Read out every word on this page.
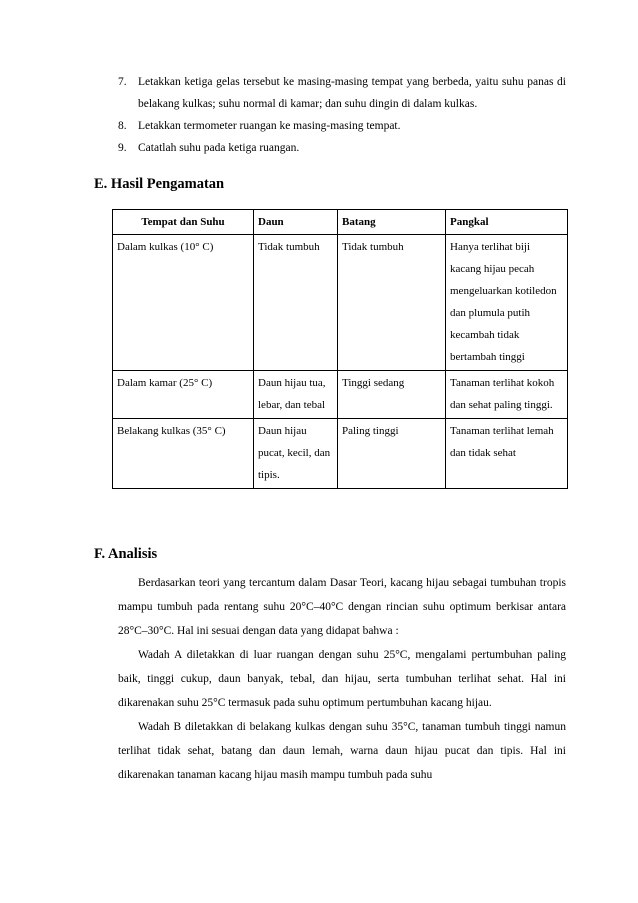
7. Letakkan ketiga gelas tersebut ke masing-masing tempat yang berbeda, yaitu suhu panas di belakang kulkas; suhu normal di kamar; dan suhu dingin di dalam kulkas.
8. Letakkan termometer ruangan ke masing-masing tempat.
9. Catatlah suhu pada ketiga ruangan.
E. Hasil Pengamatan
Tempat dan Suhu	Daun	Batang	Pangkal
Dalam kulkas (10° C)	Tidak tumbuh	Tidak tumbuh	Hanya terlihat biji kacang hijau pecah mengeluarkan kotiledon dan plumula putih kecambah tidak bertambah tinggi
Dalam kamar (25° C)	Daun hijau tua, lebar, dan tebal	Tinggi sedang	Tanaman terlihat kokoh dan sehat paling tinggi.
Belakang kulkas (35° C)	Daun hijau pucat, kecil, dan tipis.	Paling tinggi	Tanaman terlihat lemah dan tidak sehat
F. Analisis

Berdasarkan teori yang tercantum dalam Dasar Teori, kacang hijau sebagai tumbuhan tropis mampu tumbuh pada rentang suhu 20°C–40°C dengan rincian suhu optimum berkisar antara 28°C–30°C. Hal ini sesuai dengan data yang didapat bahwa :

Wadah A diletakkan di luar ruangan dengan suhu 25°C, mengalami pertumbuhan paling baik, tinggi cukup, daun banyak, tebal, dan hijau, serta tumbuhan terlihat sehat. Hal ini dikarenakan suhu 25°C termasuk pada suhu optimum pertumbuhan kacang hijau.

Wadah B diletakkan di belakang kulkas dengan suhu 35°C, tanaman tumbuh tinggi namun terlihat tidak sehat, batang dan daun lemah, warna daun hijau pucat dan tipis. Hal ini dikarenakan tanaman kacang hijau masih mampu tumbuh pada suhu
